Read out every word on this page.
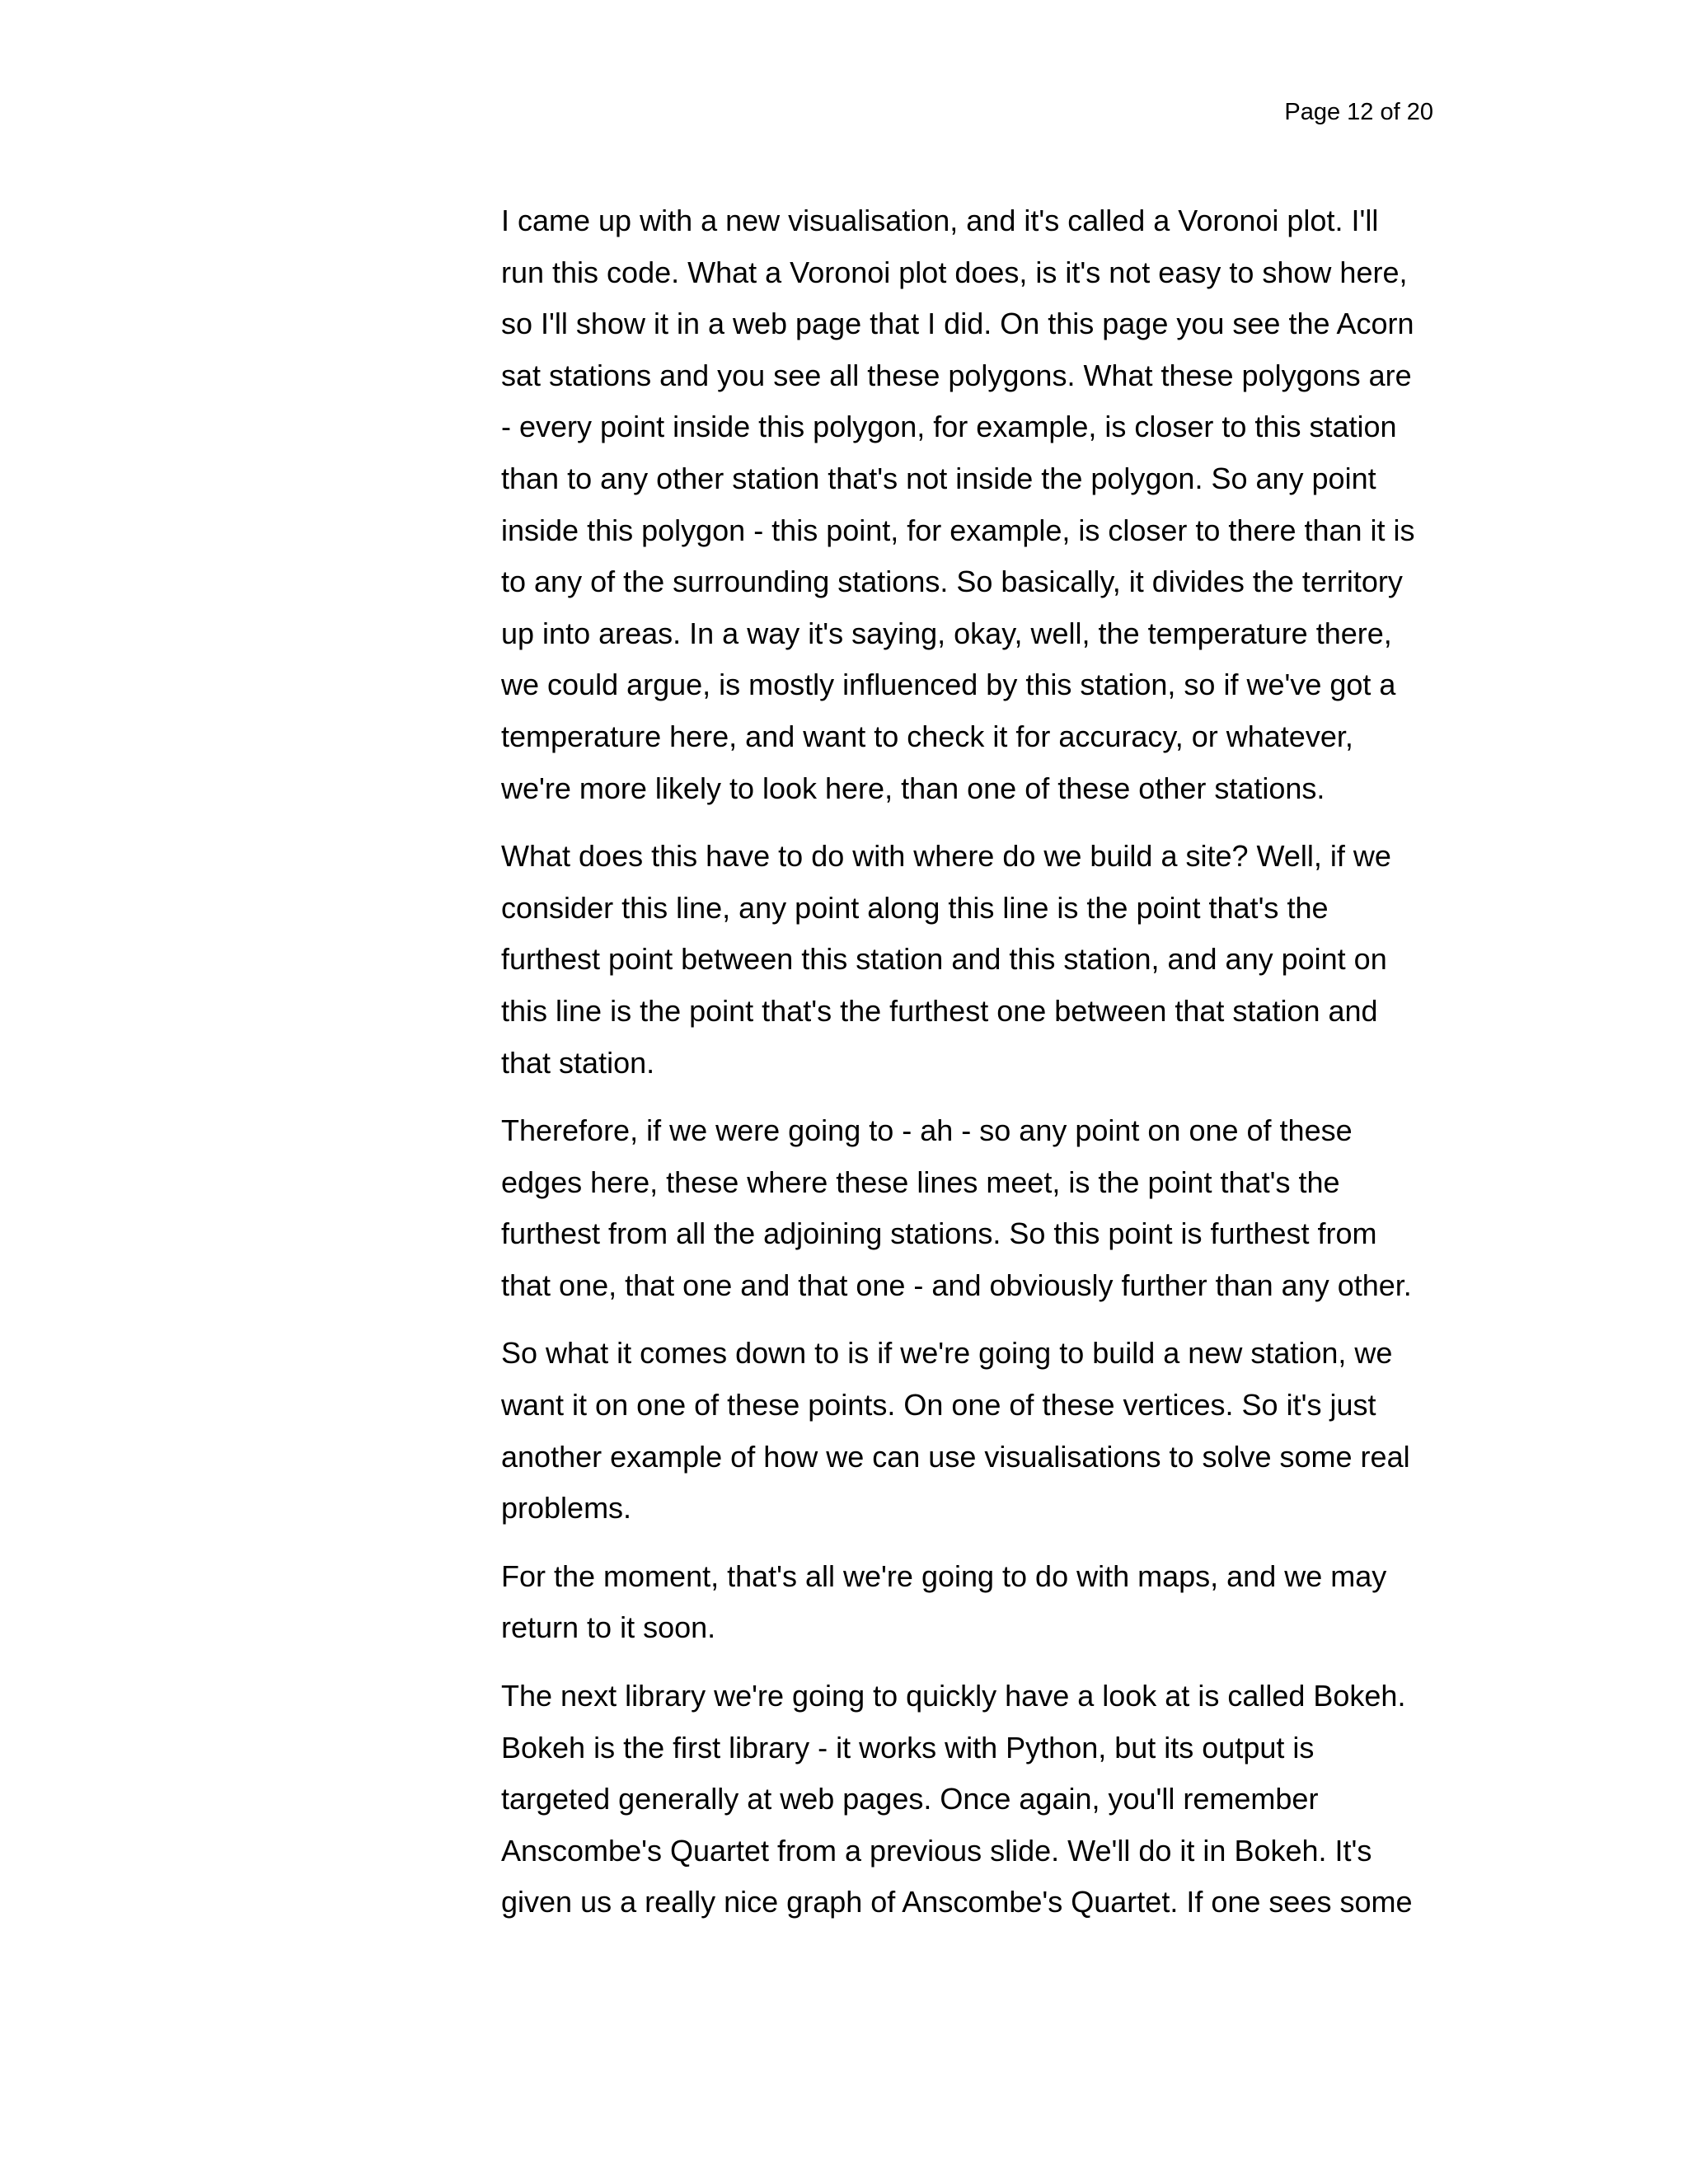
Page 12 of 20

I came up with a new visualisation, and it's called a Voronoi plot. I'll
run this code. What a Voronoi plot does, is it's not easy to show here,
so I'll show it in a web page that I did. On this page you see the Acorn
sat stations and you see all these polygons. What these polygons are
- every point inside this polygon, for example, is closer to this station
than to any other station that's not inside the polygon. So any point
inside this polygon - this point, for example, is closer to there than it is
to any of the surrounding stations. So basically, it divides the territory
up into areas. In a way it's saying, okay, well, the temperature there,
we could argue, is mostly influenced by this station, so if we've got a
temperature here, and want to check it for accuracy, or whatever,
we're more likely to look here, than one of these other stations.

What does this have to do with where do we build a site? Well, if we
consider this line, any point along this line is the point that's the
furthest point between this station and this station, and any point on
this line is the point that's the furthest one between that station and
that station.

Therefore, if we were going to - ah - so any point on one of these
edges here, these where these lines meet, is the point that's the
furthest from all the adjoining stations. So this point is furthest from
that one, that one and that one - and obviously further than any other.

So what it comes down to is if we're going to build a new station, we
want it on one of these points. On one of these vertices. So it's just
another example of how we can use visualisations to solve some real
problems.

For the moment, that's all we're going to do with maps, and we may
return to it soon.

The next library we're going to quickly have a look at is called Bokeh.
Bokeh is the first library - it works with Python, but its output is
targeted generally at web pages. Once again, you'll remember
Anscombe's Quartet from a previous slide. We'll do it in Bokeh. It's
given us a really nice graph of Anscombe's Quartet. If one sees some
